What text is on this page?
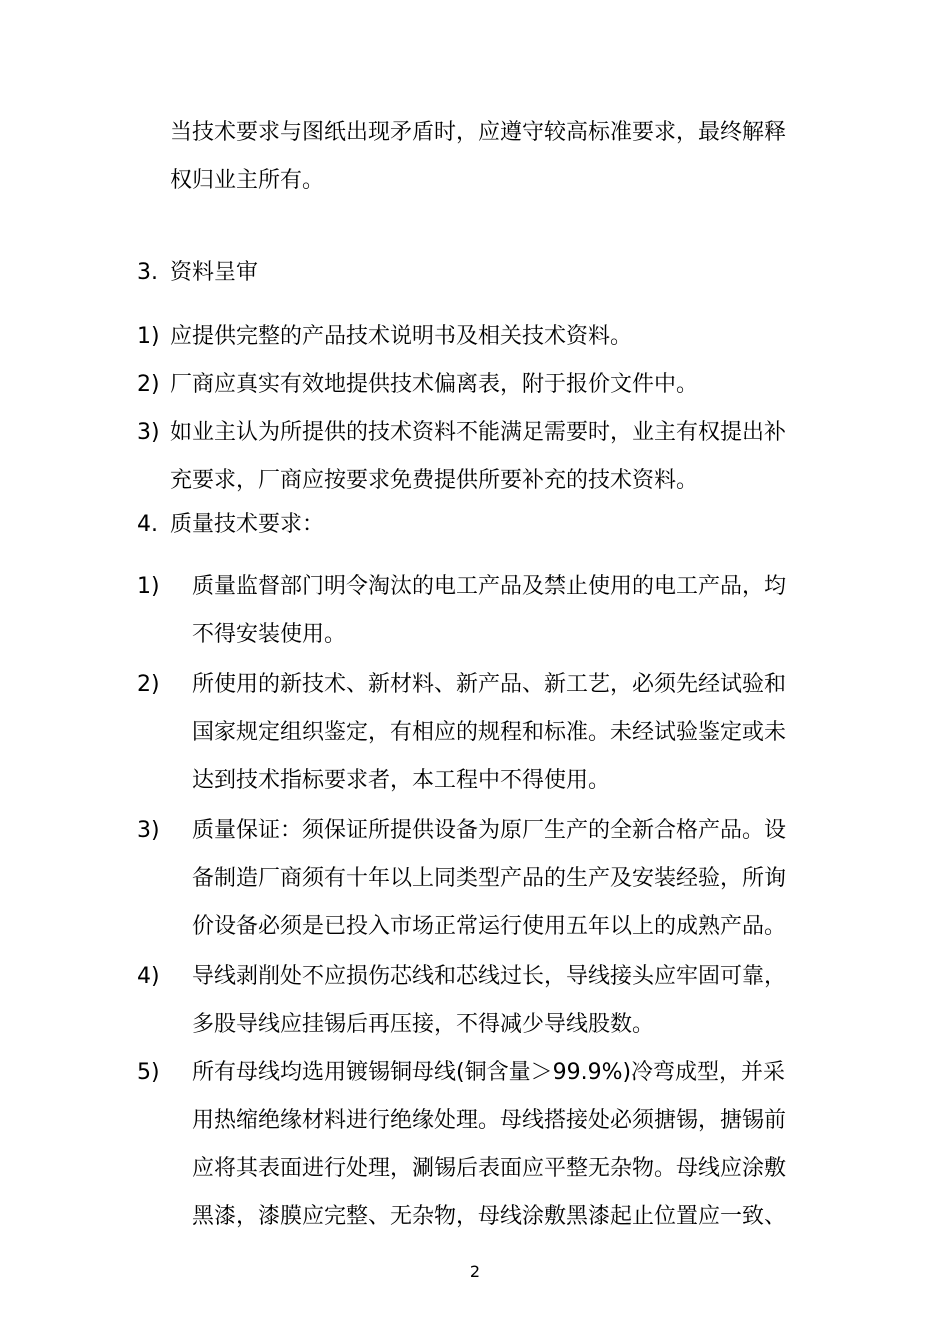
当技术要求与图纸出现矛盾时，应遵守较高标准要求，最终解释
权归业主所有。
3. 资料呈审
1) 应提供完整的产品技术说明书及相关技术资料。
2) 厂商应真实有效地提供技术偏离表，附于报价文件中。
3) 如业主认为所提供的技术资料不能满足需要时，业主有权提出补
充要求，厂商应按要求免费提供所要补充的技术资料。
4. 质量技术要求：
1) 质量监督部门明令淘汰的电工产品及禁止使用的电工产品，均
不得安装使用。
2) 所使用的新技术、新材料、新产品、新工艺，必须先经试验和
国家规定组织鉴定，有相应的规程和标准。未经试验鉴定或未
达到技术指标要求者，本工程中不得使用。
3) 质量保证：须保证所提供设备为原厂生产的全新合格产品。设
备制造厂商须有十年以上同类型产品的生产及安装经验，所询
价设备必须是已投入市场正常运行使用五年以上的成熟产品。
4) 导线剥削处不应损伤芯线和芯线过长，导线接头应牢固可靠，
多股导线应挂锡后再压接，不得减少导线股数。
5) 所有母线均选用镀锡铜母线(铜含量＞99.9%)冷弯成型，并采
用热缩绝缘材料进行绝缘处理。母线搭接处必须搪锡，搪锡前
应将其表面进行处理，涮锡后表面应平整无杂物。母线应涂敷
黑漆，漆膜应完整、无杂物，母线涂敷黑漆起止位置应一致、
2
